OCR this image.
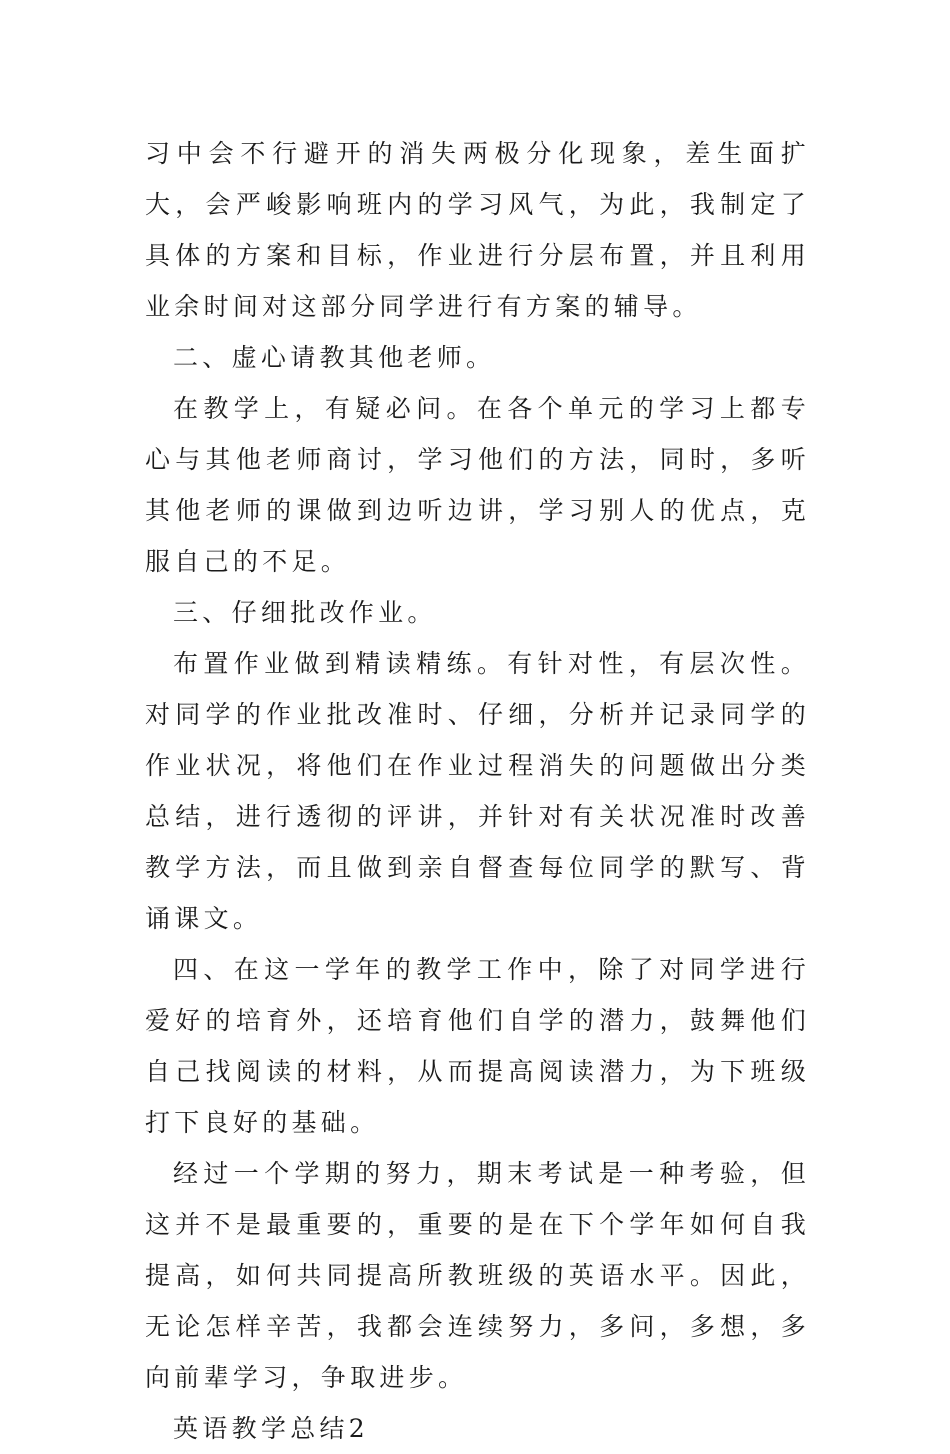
习中会不行避开的消失两极分化现象，差生面扩大，会严峻影响班内的学习风气，为此，我制定了具体的方案和目标，作业进行分层布置，并且利用业余时间对这部分同学进行有方案的辅导。

二、虚心请教其他老师。

在教学上，有疑必问。在各个单元的学习上都专心与其他老师商讨，学习他们的方法，同时，多听其他老师的课做到边听边讲，学习别人的优点，克服自己的不足。

三、仔细批改作业。

布置作业做到精读精练。有针对性，有层次性。对同学的作业批改准时、仔细，分析并记录同学的作业状况，将他们在作业过程消失的问题做出分类总结，进行透彻的评讲，并针对有关状况准时改善教学方法，而且做到亲自督查每位同学的默写、背诵课文。

四、在这一学年的教学工作中，除了对同学进行爱好的培育外，还培育他们自学的潜力，鼓舞他们自己找阅读的材料，从而提高阅读潜力，为下班级打下良好的基础。

经过一个学期的努力，期末考试是一种考验，但这并不是最重要的，重要的是在下个学年如何自我提高，如何共同提高所教班级的英语水平。因此，无论怎样辛苦，我都会连续努力，多问，多想，多向前辈学习，争取进步。

英语教学总结2
